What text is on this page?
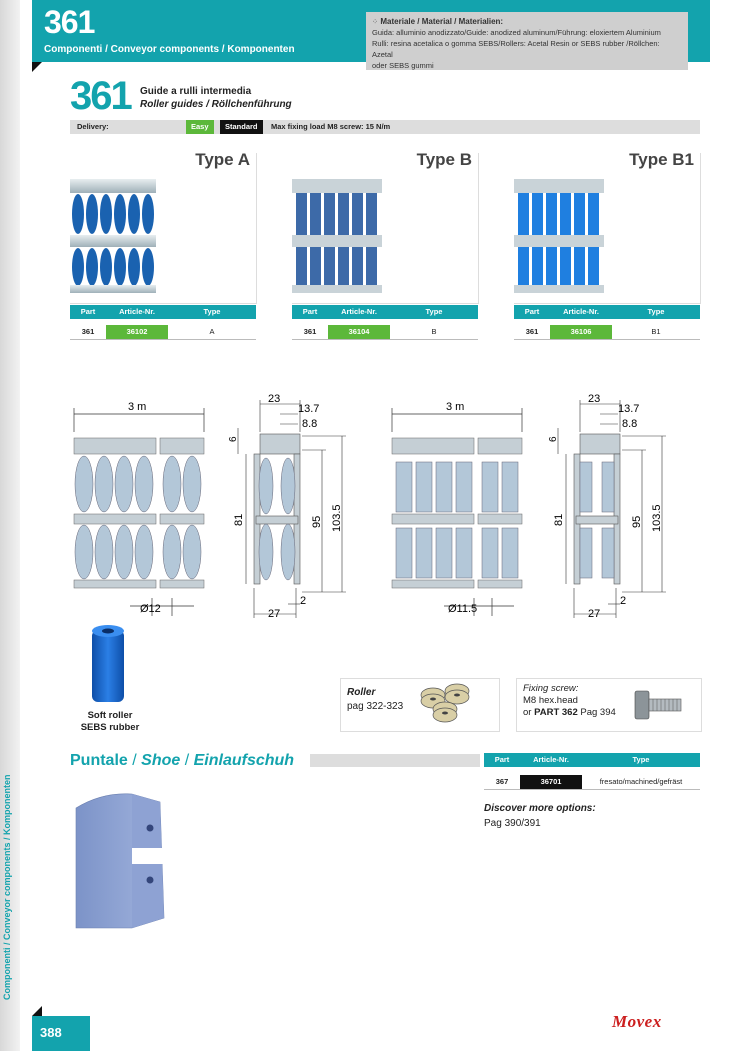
Componenti / Conveyor components / Komponenten
361
Componenti / Conveyor components / Komponenten
⁘ Materiale / Material / Materialien:
Guida: alluminio anodizzato/Guide: anodized aluminum/Führung: eloxiertem Aluminium
Rulli: resina acetalica o gomma SEBS/Rollers: Acetal Resin or SEBS rubber /Röllchen: Azetal
oder SEBS gummi
361 Guide a rulli intermedia
Roller guides / Röllchenführung
Delivery:	Easy	Standard	Max fixing load M8 screw: 15 N/m
Type A	Type B	Type B1
Part	Article-Nr.	Type
361	36102	A
Part	Article-Nr.	Type
361	36104	B
Part	Article-Nr.	Type
361	36106	B1
3 m
Ø12
23
13.7
8.8
6
81	95 103.5
27
2
3 m
Ø11.5
23
13.7
8.8
6
81	95 103.5
27
2
Soft roller
SEBS rubber
Roller
pag 322-323
Fixing screw:
M8 hex.head
or PART 362 Pag 394
Puntale / Shoe / Einlaufschuh	Part	Article-Nr.	Type
367	36701	fresato/machined/gefräst
Discover more options:
Pag 390/391
388
Movex
